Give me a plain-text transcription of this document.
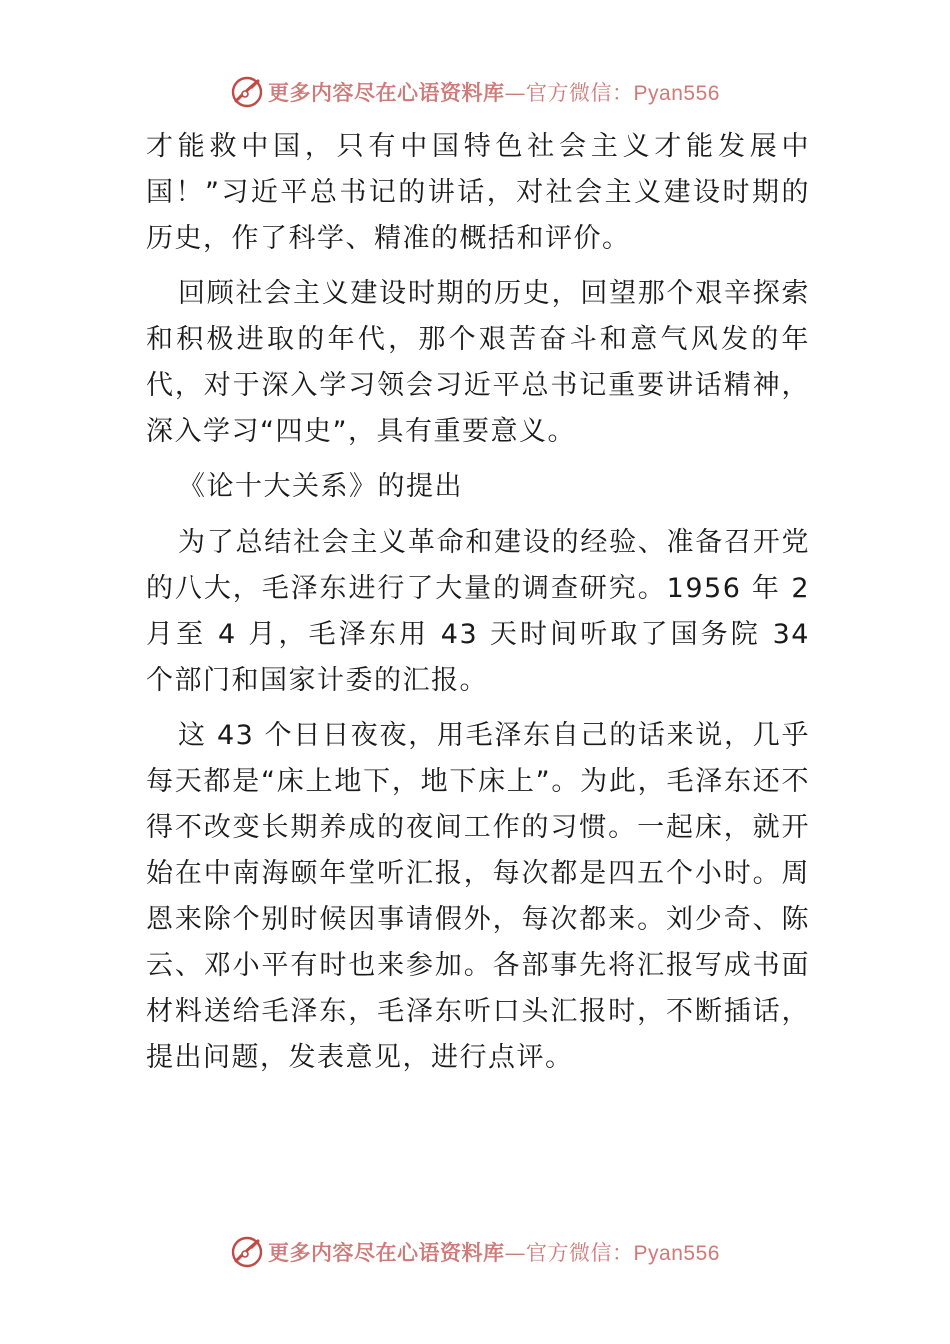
更多内容尽在心语资料库—官方微信：Pyan556

才能救中国，只有中国特色社会主义才能发展中国！”习近平总书记的讲话，对社会主义建设时期的历史，作了科学、精准的概括和评价。

回顾社会主义建设时期的历史，回望那个艰辛探索和积极进取的年代，那个艰苦奋斗和意气风发的年代，对于深入学习领会习近平总书记重要讲话精神，深入学习“四史”，具有重要意义。

《论十大关系》的提出

为了总结社会主义革命和建设的经验、准备召开党的八大，毛泽东进行了大量的调查研究。1956 年 2 月至 4 月，毛泽东用 43 天时间听取了国务院 34 个部门和国家计委的汇报。

这 43 个日日夜夜，用毛泽东自己的话来说，几乎每天都是“床上地下，地下床上”。为此，毛泽东还不得不改变长期养成的夜间工作的习惯。一起床，就开始在中南海颐年堂听汇报，每次都是四五个小时。周恩来除个别时候因事请假外，每次都来。刘少奇、陈云、邓小平有时也来参加。各部事先将汇报写成书面材料送给毛泽东，毛泽东听口头汇报时，不断插话，提出问题，发表意见，进行点评。

更多内容尽在心语资料库—官方微信：Pyan556
